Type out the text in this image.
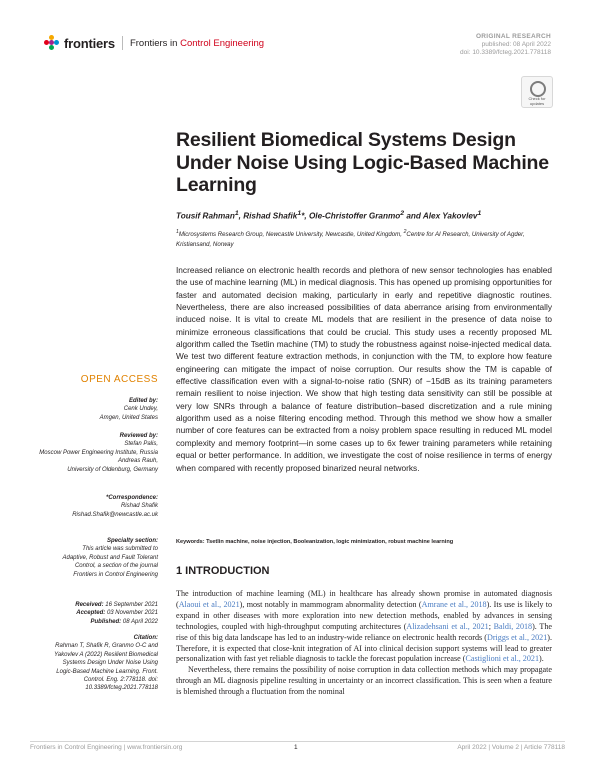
frontiers Frontiers in Control Engineering
ORIGINAL RESEARCH
published: 08 April 2022
doi: 10.3389/fcteg.2021.778118
Check for updates
Resilient Biomedical Systems Design Under Noise Using Logic-Based Machine Learning
Tousif Rahman$^1$, Rishad Shafik$^1$*, Ole-Christoffer Granmo$^2$ and Alex Yakovlev$^1$
$^1$Microsystems Research Group, Newcastle University, Newcastle, United Kingdom, $^2$Centre for AI Research, University of Agder, Kristiansand, Norway
Increased reliance on electronic health records and plethora of new sensor technologies has enabled the use of machine learning (ML) in medical diagnosis. This has opened up promising opportunities for faster and automated decision making, particularly in early and repetitive diagnostic routines. Nevertheless, there are also increased possibilities of data aberrance arising from environmentally induced noise. It is vital to create ML models that are resilient in the presence of data noise to minimize erroneous classifications that could be crucial. This study uses a recently proposed ML algorithm called the Tsetlin machine (TM) to study the robustness against noise-injected medical data. We test two different feature extraction methods, in conjunction with the TM, to explore how feature engineering can mitigate the impact of noise corruption. Our results show the TM is capable of effective classification even with a signal-to-noise ratio (SNR) of −15dB as its training parameters remain resilient to noise injection. We show that high testing data sensitivity can still be possible at very low SNRs through a balance of feature distribution–based discretization and a rule mining algorithm used as a noise filtering encoding method. Through this method we show how a smaller number of core features can be extracted from a noisy problem space resulting in reduced ML model complexity and memory footprint—in some cases up to 6x fewer training parameters while retaining equal or better performance. In addition, we investigate the cost of noise resilience in terms of energy when compared with recently proposed binarized neural networks.
Keywords: Tsetlin machine, noise injection, Booleanization, logic minimization, robust machine learning
1 INTRODUCTION

The introduction of machine learning (ML) in healthcare has already shown promise in automated diagnosis (Alaoui et al., 2021), most notably in mammogram abnormality detection (Amrane et al., 2018). Its use is likely to expand in other diseases with more exploration into new detection methods, enabled by advances in sensing technologies, coupled with high-throughput computing architectures (Alizadehsani et al., 2021; Baldi, 2018). The rise of this big data landscape has led to an industry-wide reliance on electronic health records (Driggs et al., 2021). Therefore, it is expected that close-knit integration of AI into clinical decision support systems will lead to greater personalization with fast yet reliable diagnosis to tackle the forecast population increase (Castiglioni et al., 2021).

Nevertheless, there remains the possibility of noise corruption in data collection methods which may propagate through an ML diagnosis pipeline resulting in uncertainty or an incorrect classification. This is seen when a feature is blemished through a fluctuation from the nominal

OPEN ACCESS
Edited by:
Cenk Undey,
Amgen, United States
Reviewed by:
Stefan Palis,
Moscow Power Engineering Institute, Russia
Andreas Rauh,
University of Oldenburg, Germany
*Correspondence:
Rishad Shafik
Rishad.Shafik@newcastle.ac.uk
Specialty section:
This article was submitted to Adaptive, Robust and Fault Tolerant Control, a section of the journal Frontiers in Control Engineering
Received: 16 September 2021
Accepted: 03 November 2021
Published: 08 April 2022
Citation:
Rahman T, Shafik R, Granmo O-C and Yakovlev A (2022) Resilient Biomedical Systems Design Under Noise Using Logic-Based Machine Learning. Front. Control. Eng. 2:778118. doi: 10.3389/fcteg.2021.778118
Frontiers in Control Engineering | www.frontiersin.org	1	April 2022 | Volume 2 | Article 778118
